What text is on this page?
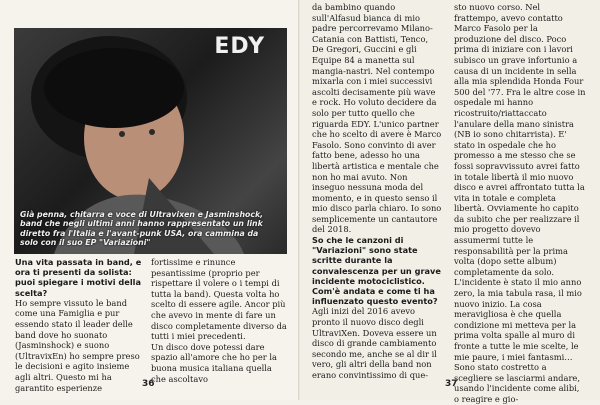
EDY
Già penna, chitarra e voce di Ultravixen e Jasminshock, band che negli ultimi anni hanno rappresentato un link diretto fra l'Italia e l'avant-punk USA, ora cammina da solo con il suo EP "Variazioni"

Una vita passata in band, e ora ti presenti da solista: puoi spiegare i motivi della scelta?

Ho sempre vissuto le band come una Famiglia e pur essendo stato il leader delle band dove ho suonato (Jasminshock) e suono (UltravixEn) ho sempre preso le decisioni e agito insieme agli altri. Questo mi ha garantito esperienze

fortissime e rinunce pesantissime (proprio per rispettare il volere o i tempi di tutta la band). Questa volta ho scelto di essere agile. Ancor più che avevo in mente di fare un disco completamente diverso da tutti i miei precedenti.

Un disco dove potessi dare spazio all'amore che ho per la buona musica italiana quella che ascoltavo

36

da bambino quando sull'Alfasud bianca di mio padre percorrevamo Milano-Catania con Battisti, Tenco, De Gregori, Guccini e gli Equipe 84 a manetta sul mangia-nastri. Nel contempo mixarla con i miei successivi ascolti decisamente più wave e rock. Ho voluto decidere da solo per tutto quello che riguarda EDY. L'unico partner che ho scelto di avere è Marco Fasolo. Sono convinto di aver fatto bene, adesso ho una libertà artistica e mentale che non ho mai avuto. Non inseguo nessuna moda del momento, e in questo senso il mio disco parla chiaro. Io sono semplicemente un cantautore del 2018.

So che le canzoni di "Variazioni" sono state scritte durante la convalescenza per un grave incidente motociclistico. Com'è andata e come ti ha influenzato questo evento?

Agli inizi del 2016 avevo pronto il nuovo disco degli UltraviXen. Doveva essere un disco di grande cambiamento secondo me, anche se al dir il vero, gli altri della band non erano convintissimo di que-

sto nuovo corso. Nel frattempo, avevo contatto Marco Fasolo per la produzione del disco. Poco prima di iniziare con i lavori subisco un grave infortunio a causa di un incidente in sella alla mia splendida Honda Four 500 del '77. Fra le altre cose in ospedale mi hanno ricostruito/riattaccato l'anulare della mano sinistra (NB io sono chitarrista). E' stato in ospedale che ho promesso a me stesso che se fossi sopravvissuto avrei fatto in totale libertà il mio nuovo disco e avrei affrontato tutta la vita in totale e completa libertà. Ovviamente ho capito da subito che per realizzare il mio progetto dovevo assumermi tutte le responsabilità per la prima volta (dopo sette album) completamente da solo.

L'incidente è stato il mio anno zero, la mia tabula rasa, il mio nuovo inizio. La cosa meravigliosa è che quella condizione mi metteva per la prima volta spalle al muro di fronte a tutte le mie scelte, le mie paure, i miei fantasmi… Sono stato costretto a scegliere se lasciarmi andare, usando l'incidente come alibi, o reagire e gio-

37
